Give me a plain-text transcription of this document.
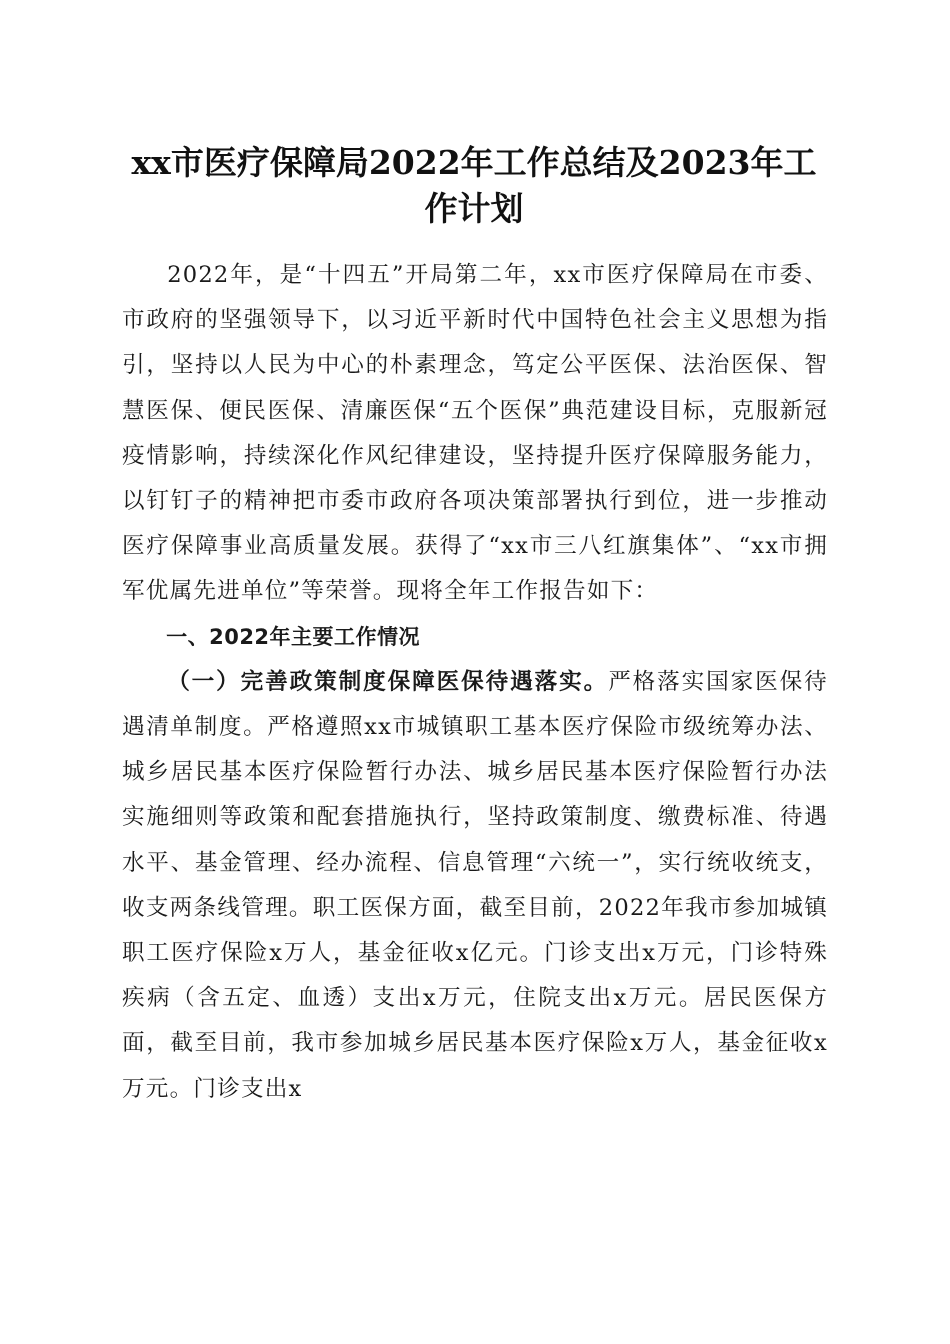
xx市医疗保障局2022年工作总结及2023年工作计划

2022年，是“十四五”开局第二年，xx市医疗保障局在市委、市政府的坚强领导下，以习近平新时代中国特色社会主义思想为指引，坚持以人民为中心的朴素理念，笃定公平医保、法治医保、智慧医保、便民医保、清廉医保“五个医保”典范建设目标，克服新冠疫情影响，持续深化作风纪律建设，坚持提升医疗保障服务能力，以钉钉子的精神把市委市政府各项决策部署执行到位，进一步推动医疗保障事业高质量发展。获得了“xx市三八红旗集体”、“xx市拥军优属先进单位”等荣誉。现将全年工作报告如下：

一、2022年主要工作情况

（一）完善政策制度保障医保待遇落实。严格落实国家医保待遇清单制度。严格遵照xx市城镇职工基本医疗保险市级统筹办法、城乡居民基本医疗保险暂行办法、城乡居民基本医疗保险暂行办法实施细则等政策和配套措施执行，坚持政策制度、缴费标准、待遇水平、基金管理、经办流程、信息管理“六统一”，实行统收统支，收支两条线管理。职工医保方面，截至目前，2022年我市参加城镇职工医疗保险x万人，基金征收x亿元。门诊支出x万元，门诊特殊疾病（含五定、血透）支出x万元，住院支出x万元。居民医保方面，截至目前，我市参加城乡居民基本医疗保险x万人，基金征收x万元。门诊支出x
